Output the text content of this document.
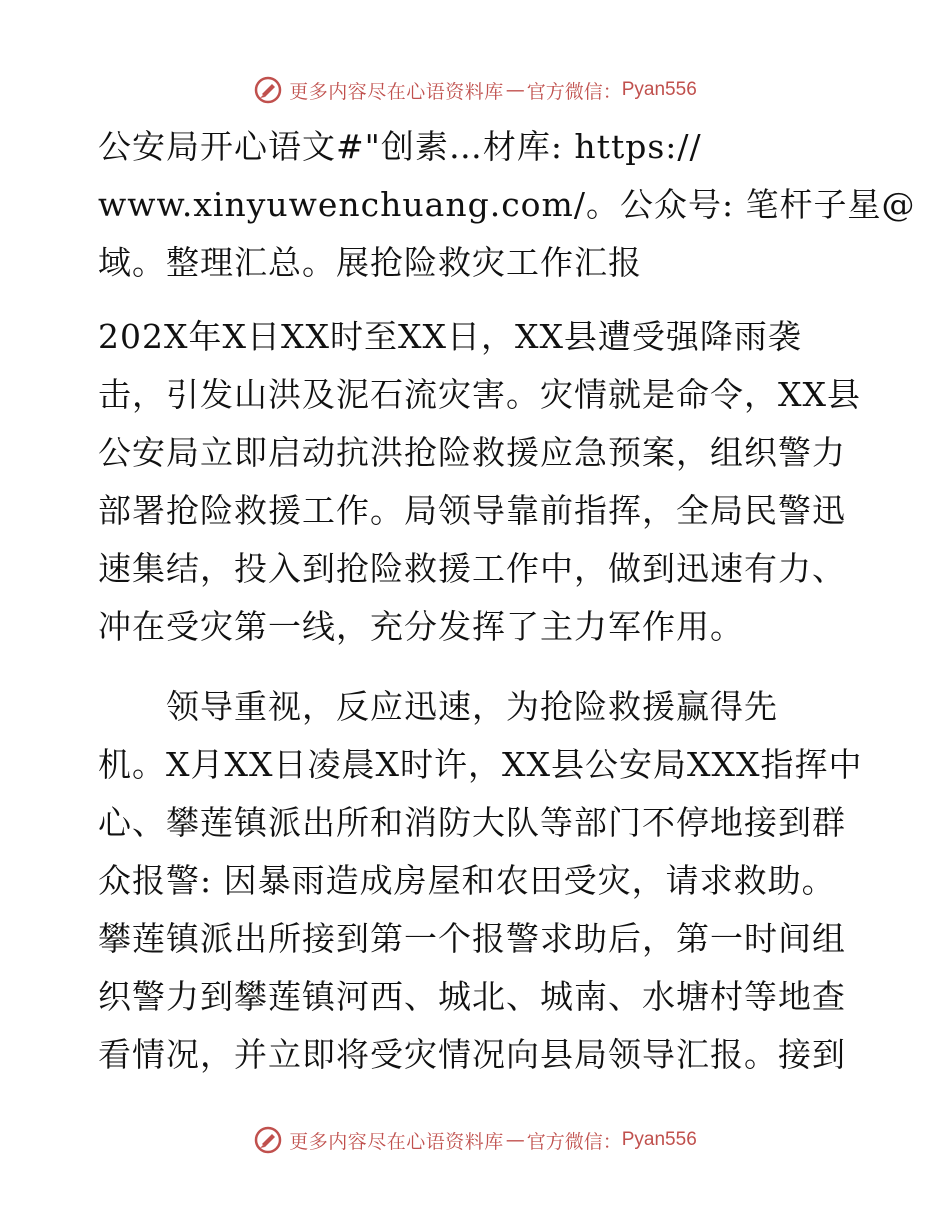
更多内容尽在心语资料库 — 官方微信： Pyan556

公安局开心语文#"创素…材库: https://

www.xinyuwenchuang.com/。公众号: 笔杆子星@

域。整理汇总。展抢险救灾工作汇报

202X年X日XX时至XX日，XX县遭受强降雨袭

击，引发山洪及泥石流灾害。灾情就是命令，XX县

公安局立即启动抗洪抢险救援应急预案，组织警力

部署抢险救援工作。局领导靠前指挥，全局民警迅

速集结，投入到抢险救援工作中，做到迅速有力、

冲在受灾第一线，充分发挥了主力军作用。

　　领导重视，反应迅速，为抢险救援赢得先

机。X月XX日凌晨X时许，XX县公安局XXX指挥中

心、攀莲镇派出所和消防大队等部门不停地接到群

众报警: 因暴雨造成房屋和农田受灾，请求救助。

攀莲镇派出所接到第一个报警求助后，第一时间组

织警力到攀莲镇河西、城北、城南、水塘村等地查

看情况，并立即将受灾情况向县局领导汇报。接到

更多内容尽在心语资料库 — 官方微信： Pyan556
